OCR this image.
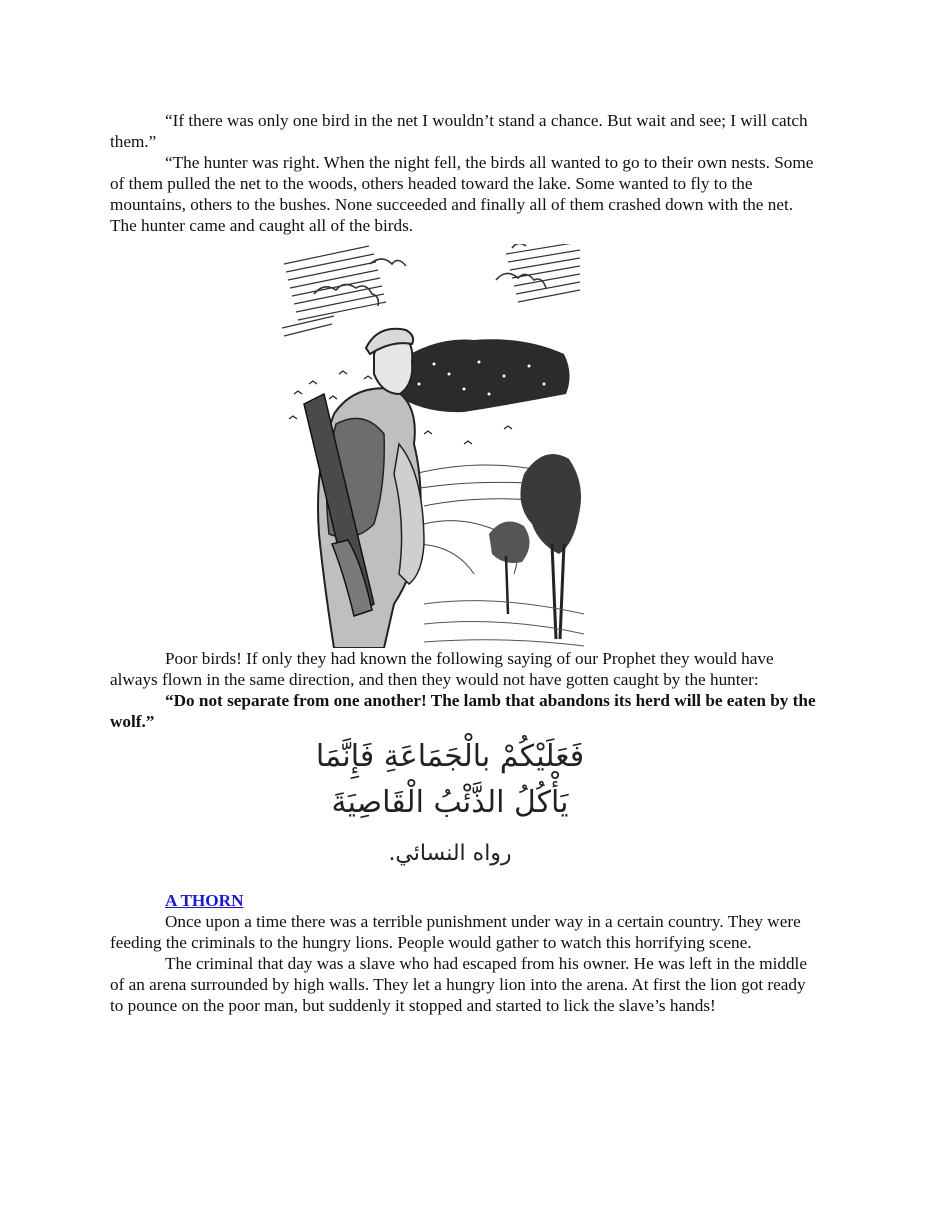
“If there was only one bird in the net I wouldn’t stand a chance. But wait and see; I will catch them.”

“The hunter was right. When the night fell, the birds all wanted to go to their own nests. Some of them pulled the net to the woods, others headed toward the lake. Some wanted to fly to the mountains, others to the bushes. None succeeded and finally all of them crashed down with the net. The hunter came and caught all of the birds.

Poor birds! If only they had known the following saying of our Prophet they would have always flown in the same direction, and then they would not have gotten caught by the hunter:

“Do not separate from one another! The lamb that abandons its herd will be eaten by the wolf.”

فَعَلَيْكُمْ بالْجَمَاعَةِ فَإِنَّمَا
يَأْكُلُ الذَّئْبُ الْقَاصِيَةَ
رواه النسائي.

A THORN

Once upon a time there was a terrible punishment under way in a certain country. They were feeding the criminals to the hungry lions. People would gather to watch this horrifying scene.

The criminal that day was a slave who had escaped from his owner. He was left in the middle of an arena surrounded by high walls. They let a hungry lion into the arena. At first the lion got ready to pounce on the poor man, but suddenly it stopped and started to lick the slave’s hands!
